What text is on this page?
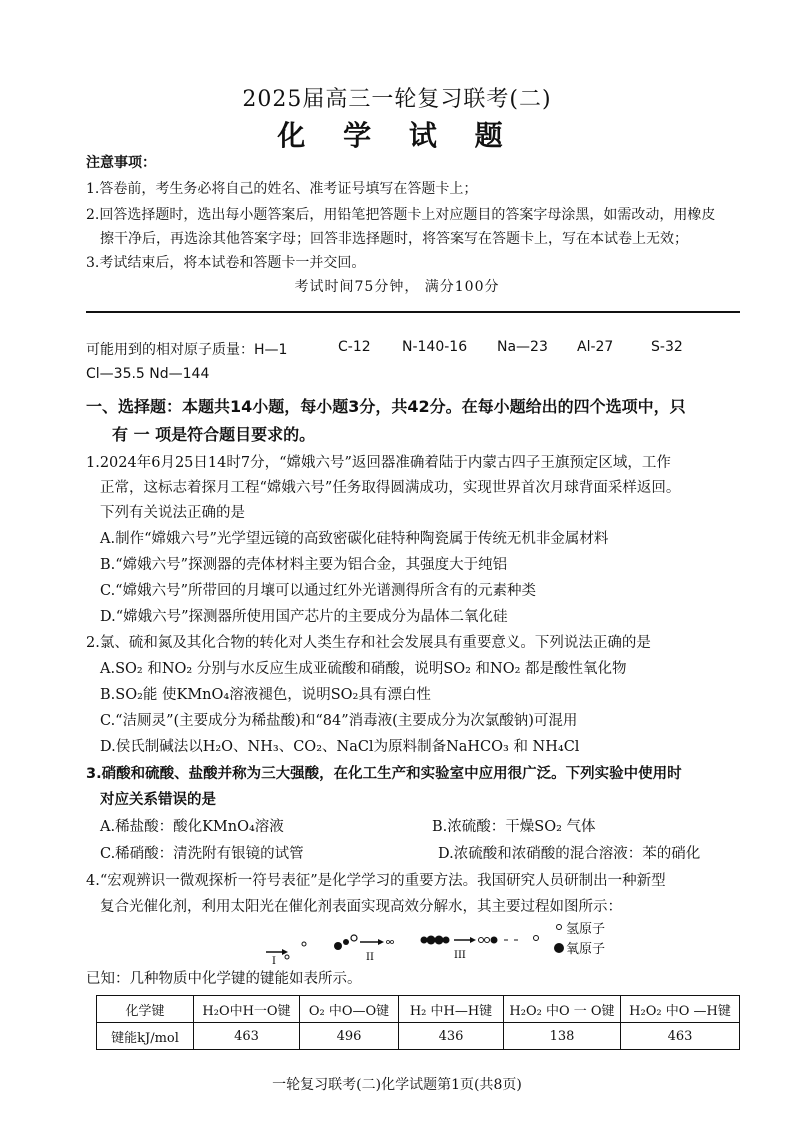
2025届高三一轮复习联考(二)
化 学 试 题
注意事项：
1.答卷前，考生务必将自己的姓名、准考证号填写在答题卡上；
2.回答选择题时，选出每小题答案后，用铅笔把答题卡上对应题目的答案字母涂黑，如需改动，用橡皮
擦干净后，再选涂其他答案字母；回答非选择题时，将答案写在答题卡上，写在本试卷上无效；
3.考试结束后，将本试卷和答题卡一并交回。
考试时间75分钟， 满分100分
可能用到的相对原子质量：H—1	C-12 N-140-16 Na—23 Al-27	S-32
Cl—35.5 Nd—144
一、选择题：本题共14小题，每小题3分，共42分。在每小题给出的四个选项中，只
有 一 项是符合题目要求的。
1.2024年6月25日14时7分，“嫦娥六号”返回器准确着陆于内蒙古四子王旗预定区域，工作
正常，这标志着探月工程“嫦娥六号”任务取得圆满成功，实现世界首次月球背面采样返回。
下列有关说法正确的是
A.制作“嫦娥六号”光学望远镜的高致密碳化硅特种陶瓷属于传统无机非金属材料
B.“嫦娥六号”探测器的壳体材料主要为铝合金，其强度大于纯铝
C.“嫦娥六号”所带回的月壤可以通过红外光谱测得所含有的元素种类
D.“嫦娥六号”探测器所使用国产芯片的主要成分为晶体二氧化硅
2.氯、硫和氮及其化合物的转化对人类生存和社会发展具有重要意义。下列说法正确的是
A.SO₂ 和NO₂ 分别与水反应生成亚硫酸和硝酸，说明SO₂ 和NO₂ 都是酸性氧化物
B.SO₂能 使KMnO₄溶液褪色，说明SO₂具有漂白性
C.“洁厕灵”(主要成分为稀盐酸)和“84”消毒液(主要成分为次氯酸钠)可混用
D.侯氏制碱法以H₂O、NH₃、CO₂、NaCl为原料制备NaHCO₃ 和 NH₄Cl
3.硝酸和硫酸、盐酸并称为三大强酸，在化工生产和实验室中应用很广泛。下列实验中使用时
对应关系错误的是
A.稀盐酸：酸化KMnO₄溶液	B.浓硫酸：干燥SO₂ 气体
C.稀硝酸：清洗附有银镜的试管	D.浓硫酸和浓硝酸的混合溶液：苯的硝化
4.“宏观辨识一微观探析一符号表征”是化学学习的重要方法。我国研究人员研制出一种新型
复合光催化剂，利用太阳光在催化剂表面实现高效分解水，其主要过程如图所示：
I	II	III
氢原子
氧原子
已知：几种物质中化学键的键能如表所示。
化学键	H₂O中H一O键	O₂ 中O—O键	H₂ 中H—H键	H₂O₂ 中O 一 O键	H₂O₂ 中O —H键
键能kJ/mol	463	496	436	138	463
一轮复习联考(二)化学试题第1页(共8页)
